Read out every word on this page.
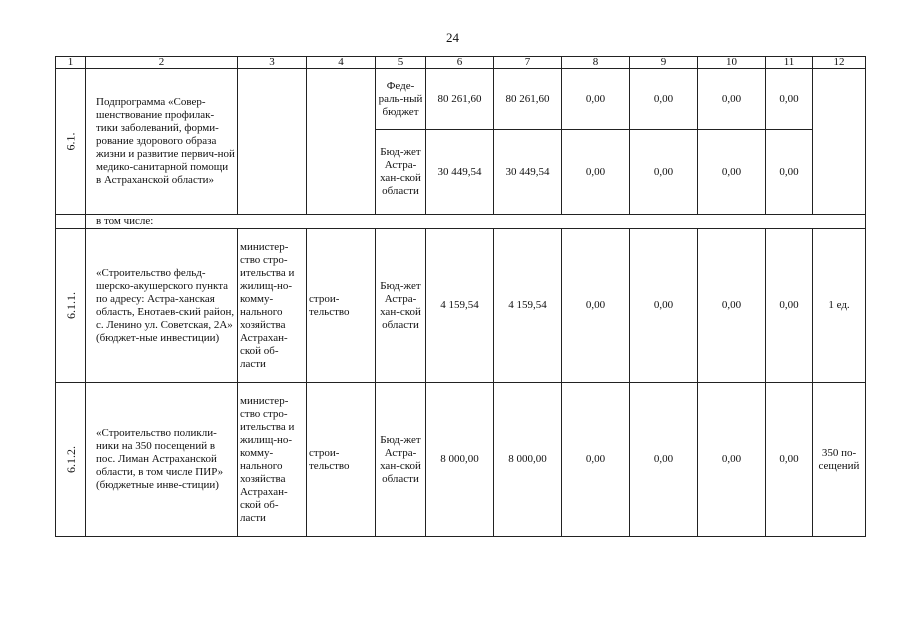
24
1	2	3	4	5	6	7	8	9	10	11	12
6.1.	Подпрограмма «Совер-шенствование профилак-тики заболеваний, форми-рование здорового образа жизни и развитие первич-ной медико-санитарной помощи в Астраханской области»			Феде-раль-ный бюджет	80 261,60	80 261,60	0,00	0,00	0,00	0,00	
				Бюд-жет Астра-хан-ской области	30 449,54	30 449,54	0,00	0,00	0,00	0,00	
	в том числе:										
6.1.1.	«Строительство фельд-шерско-акушерского пункта по адресу: Астра-ханская область, Енотаев-ский район, с. Ленино ул. Советская, 2А» (бюджет-ные инвестиции)	министер-ство стро-ительства и жилищ-но-комму-нального хозяйства Астрахан-ской об-ласти	строи-тельство	Бюд-жет Астра-хан-ской области	4 159,54	4 159,54	0,00	0,00	0,00	0,00	1 ед.
6.1.2.	«Строительство поликли-ники на 350 посещений в пос. Лиман Астраханской области, в том числе ПИР» (бюджетные инве-стиции)	министер-ство стро-ительства и жилищ-но-комму-нального хозяйства Астрахан-ской об-ласти	строи-тельство	Бюд-жет Астра-хан-ской области	8 000,00	8 000,00	0,00	0,00	0,00	0,00	350 по-сещений
